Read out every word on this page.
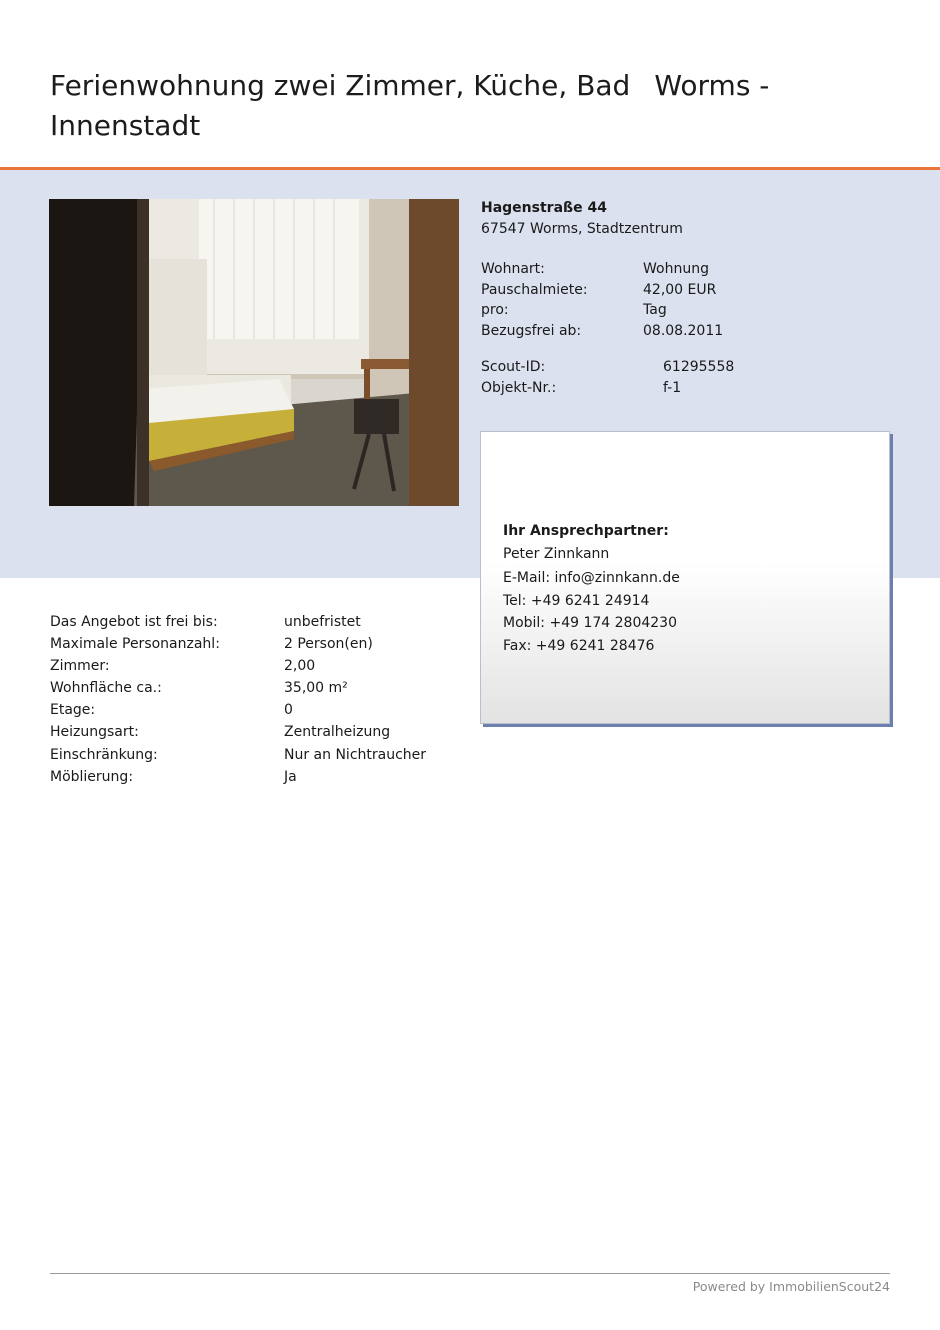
Ferienwohnung zwei Zimmer, Küche, Bad Worms - Innenstadt
Hagenstraße 44
67547 Worms, Stadtzentrum
Wohnart:	Wohnung
Pauschalmiete:	42,00 EUR
pro:	Tag
Bezugsfrei ab:	08.08.2011
Scout-ID:	61295558
Objekt-Nr.:	f-1
Ihr Ansprechpartner:
Peter Zinnkann
E-Mail: info@zinnkann.de
Tel: +49 6241 24914
Mobil: +49 174 2804230
Fax: +49 6241 28476
Das Angebot ist frei bis:	unbefristet
Maximale Personanzahl:	2 Person(en)
Zimmer:	2,00
Wohnfläche ca.:	35,00 m²
Etage:	0
Heizungsart:	Zentralheizung
Einschränkung:	Nur an Nichtraucher
Möblierung:	Ja
Powered by ImmobilienScout24
